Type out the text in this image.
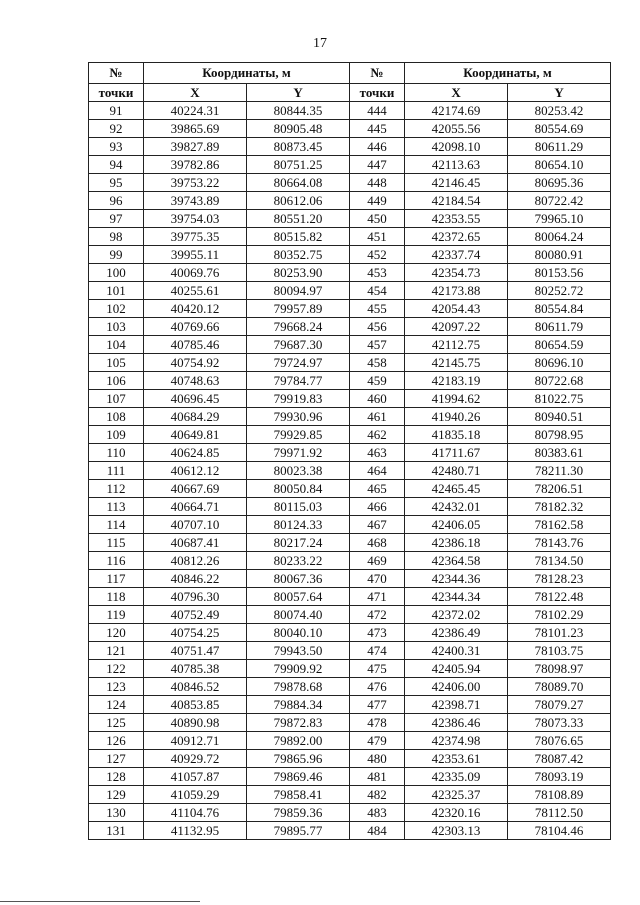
17
№	Координаты, м		№	Координаты, м	
точки	X	Y	точки	X	Y
91	40224.31	80844.35	444	42174.69	80253.42
92	39865.69	80905.48	445	42055.56	80554.69
93	39827.89	80873.45	446	42098.10	80611.29
94	39782.86	80751.25	447	42113.63	80654.10
95	39753.22	80664.08	448	42146.45	80695.36
96	39743.89	80612.06	449	42184.54	80722.42
97	39754.03	80551.20	450	42353.55	79965.10
98	39775.35	80515.82	451	42372.65	80064.24
99	39955.11	80352.75	452	42337.74	80080.91
100	40069.76	80253.90	453	42354.73	80153.56
101	40255.61	80094.97	454	42173.88	80252.72
102	40420.12	79957.89	455	42054.43	80554.84
103	40769.66	79668.24	456	42097.22	80611.79
104	40785.46	79687.30	457	42112.75	80654.59
105	40754.92	79724.97	458	42145.75	80696.10
106	40748.63	79784.77	459	42183.19	80722.68
107	40696.45	79919.83	460	41994.62	81022.75
108	40684.29	79930.96	461	41940.26	80940.51
109	40649.81	79929.85	462	41835.18	80798.95
110	40624.85	79971.92	463	41711.67	80383.61
111	40612.12	80023.38	464	42480.71	78211.30
112	40667.69	80050.84	465	42465.45	78206.51
113	40664.71	80115.03	466	42432.01	78182.32
114	40707.10	80124.33	467	42406.05	78162.58
115	40687.41	80217.24	468	42386.18	78143.76
116	40812.26	80233.22	469	42364.58	78134.50
117	40846.22	80067.36	470	42344.36	78128.23
118	40796.30	80057.64	471	42344.34	78122.48
119	40752.49	80074.40	472	42372.02	78102.29
120	40754.25	80040.10	473	42386.49	78101.23
121	40751.47	79943.50	474	42400.31	78103.75
122	40785.38	79909.92	475	42405.94	78098.97
123	40846.52	79878.68	476	42406.00	78089.70
124	40853.85	79884.34	477	42398.71	78079.27
125	40890.98	79872.83	478	42386.46	78073.33
126	40912.71	79892.00	479	42374.98	78076.65
127	40929.72	79865.96	480	42353.61	78087.42
128	41057.87	79869.46	481	42335.09	78093.19
129	41059.29	79858.41	482	42325.37	78108.89
130	41104.76	79859.36	483	42320.16	78112.50
131	41132.95	79895.77	484	42303.13	78104.46
